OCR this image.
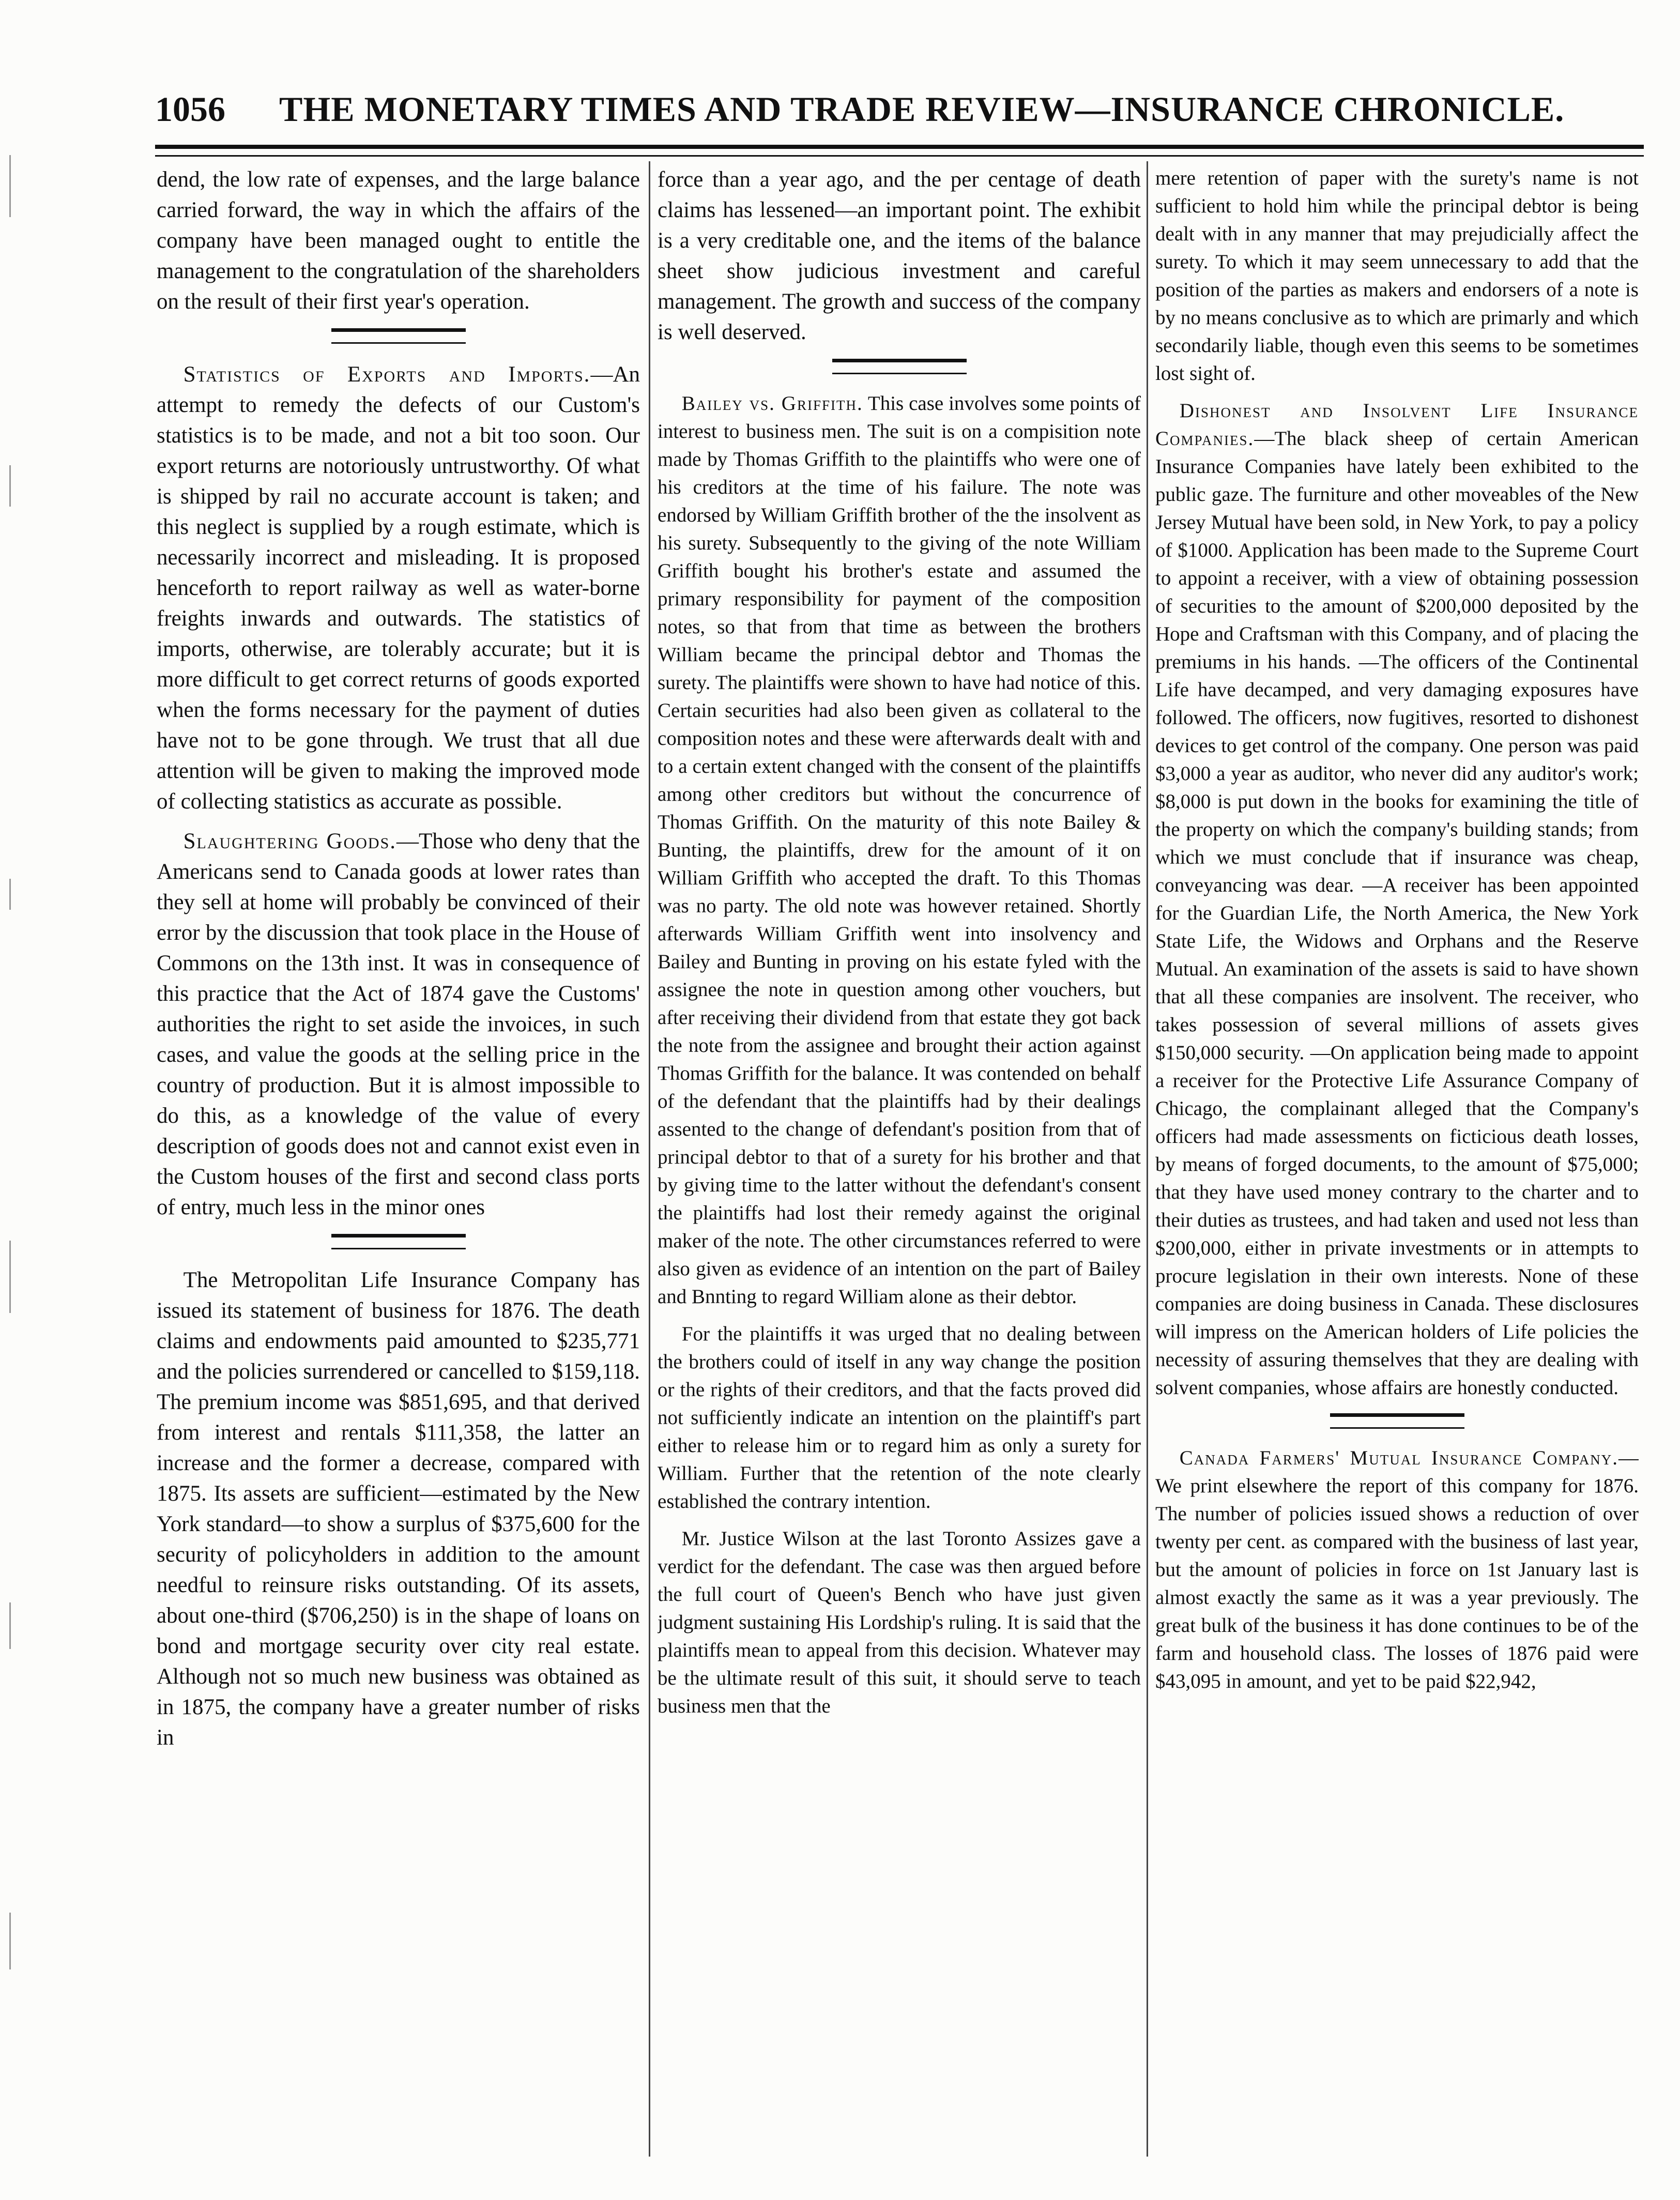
1056 THE MONETARY TIMES AND TRADE REVIEW—INSURANCE CHRONICLE.

dend, the low rate of expenses, and the large balance carried forward, the way in which the affairs of the company have been managed ought to entitle the management to the congratulation of the shareholders on the result of their first year's operation.

Statistics of Exports and Imports.—An attempt to remedy the defects of our Custom's statistics is to be made, and not a bit too soon. Our export returns are notoriously untrustworthy. Of what is shipped by rail no accurate account is taken; and this neglect is supplied by a rough estimate, which is necessarily incorrect and misleading. It is proposed henceforth to report railway as well as water-borne freights inwards and outwards. The statistics of imports, otherwise, are tolerably accurate; but it is more difficult to get correct returns of goods exported when the forms necessary for the payment of duties have not to be gone through. We trust that all due attention will be given to making the improved mode of collecting statistics as accurate as possible.

Slaughtering Goods.—Those who deny that the Americans send to Canada goods at lower rates than they sell at home will probably be convinced of their error by the discussion that took place in the House of Commons on the 13th inst. It was in consequence of this practice that the Act of 1874 gave the Customs' authorities the right to set aside the invoices, in such cases, and value the goods at the selling price in the country of production. But it is almost impossible to do this, as a knowledge of the value of every description of goods does not and cannot exist even in the Custom houses of the first and second class ports of entry, much less in the minor ones

The Metropolitan Life Insurance Company has issued its statement of business for 1876. The death claims and endowments paid amounted to $235,771 and the policies surrendered or cancelled to $159,118. The premium income was $851,695, and that derived from interest and rentals $111,358, the latter an increase and the former a decrease, compared with 1875. Its assets are sufficient—estimated by the New York standard—to show a surplus of $375,600 for the security of policyholders in addition to the amount needful to reinsure risks outstanding. Of its assets, about one-third ($706,250) is in the shape of loans on bond and mortgage security over city real estate. Although not so much new business was obtained as in 1875, the company have a greater number of risks in

force than a year ago, and the per centage of death claims has lessened—an important point. The exhibit is a very creditable one, and the items of the balance sheet show judicious investment and careful management. The growth and success of the company is well deserved.

Bailey vs. Griffith. This case involves some points of interest to business men. The suit is on a compisition note made by Thomas Griffith to the plaintiffs who were one of his creditors at the time of his failure. The note was endorsed by William Griffith brother of the the insolvent as his surety. Subsequently to the giving of the note William Griffith bought his brother's estate and assumed the primary responsibility for payment of the composition notes, so that from that time as between the brothers William became the principal debtor and Thomas the surety. The plaintiffs were shown to have had notice of this. Certain securities had also been given as collateral to the composition notes and these were afterwards dealt with and to a certain extent changed with the consent of the plaintiffs among other creditors but without the concurrence of Thomas Griffith. On the maturity of this note Bailey & Bunting, the plaintiffs, drew for the amount of it on William Griffith who accepted the draft. To this Thomas was no party. The old note was however retained. Shortly afterwards William Griffith went into insolvency and Bailey and Bunting in proving on his estate fyled with the assignee the note in question among other vouchers, but after receiving their dividend from that estate they got back the note from the assignee and brought their action against Thomas Griffith for the balance. It was contended on behalf of the defendant that the plaintiffs had by their dealings assented to the change of defendant's position from that of principal debtor to that of a surety for his brother and that by giving time to the latter without the defendant's consent the plaintiffs had lost their remedy against the original maker of the note. The other circumstances referred to were also given as evidence of an intention on the part of Bailey and Bnnting to regard William alone as their debtor.

For the plaintiffs it was urged that no dealing between the brothers could of itself in any way change the position or the rights of their creditors, and that the facts proved did not sufficiently indicate an intention on the plaintiff's part either to release him or to regard him as only a surety for William. Further that the retention of the note clearly established the contrary intention.

Mr. Justice Wilson at the last Toronto Assizes gave a verdict for the defendant. The case was then argued before the full court of Queen's Bench who have just given judgment sustaining His Lordship's ruling. It is said that the plaintiffs mean to appeal from this decision. Whatever may be the ultimate result of this suit, it should serve to teach business men that the

mere retention of paper with the surety's name is not sufficient to hold him while the principal debtor is being dealt with in any manner that may prejudicially affect the surety. To which it may seem unnecessary to add that the position of the parties as makers and endorsers of a note is by no means conclusive as to which are primarly and which secondarily liable, though even this seems to be sometimes lost sight of.

Dishonest and Insolvent Life Insurance Companies.—The black sheep of certain American Insurance Companies have lately been exhibited to the public gaze. The furniture and other moveables of the New Jersey Mutual have been sold, in New York, to pay a policy of $1000. Application has been made to the Supreme Court to appoint a receiver, with a view of obtaining possession of securities to the amount of $200,000 deposited by the Hope and Craftsman with this Company, and of placing the premiums in his hands. —The officers of the Continental Life have decamped, and very damaging exposures have followed. The officers, now fugitives, resorted to dishonest devices to get control of the company. One person was paid $3,000 a year as auditor, who never did any auditor's work; $8,000 is put down in the books for examining the title of the property on which the company's building stands; from which we must conclude that if insurance was cheap, conveyancing was dear. —A receiver has been appointed for the Guardian Life, the North America, the New York State Life, the Widows and Orphans and the Reserve Mutual. An examination of the assets is said to have shown that all these companies are insolvent. The receiver, who takes possession of several millions of assets gives $150,000 security. —On application being made to appoint a receiver for the Protective Life Assurance Company of Chicago, the complainant alleged that the Company's officers had made assessments on ficticious death losses, by means of forged documents, to the amount of $75,000; that they have used money contrary to the charter and to their duties as trustees, and had taken and used not less than $200,000, either in private investments or in attempts to procure legislation in their own interests. None of these companies are doing business in Canada. These disclosures will impress on the American holders of Life policies the necessity of assuring themselves that they are dealing with solvent companies, whose affairs are honestly conducted.

Canada Farmers' Mutual Insurance Company.—We print elsewhere the report of this company for 1876. The number of policies issued shows a reduction of over twenty per cent. as compared with the business of last year, but the amount of policies in force on 1st January last is almost exactly the same as it was a year previously. The great bulk of the business it has done continues to be of the farm and household class. The losses of 1876 paid were $43,095 in amount, and yet to be paid $22,942,
